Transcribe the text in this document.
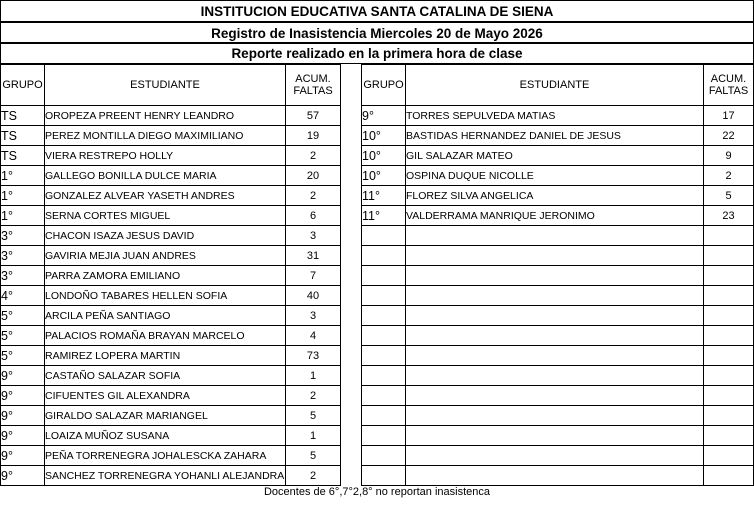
INSTITUCION EDUCATIVA SANTA CATALINA DE SIENA
Registro de Inasistencia Miercoles 20 de Mayo 2026
Reporte realizado en la primera hora de clase
GRUPO	ESTUDIANTE	ACUM.
FALTAS
TS	OROPEZA PREENT HENRY LEANDRO	57
TS	PEREZ MONTILLA DIEGO MAXIMILIANO	19
TS	VIERA RESTREPO HOLLY	2
1°	GALLEGO BONILLA DULCE MARIA	20
1°	GONZALEZ ALVEAR YASETH ANDRES	2
1°	SERNA CORTES MIGUEL	6
3°	CHACON ISAZA JESUS DAVID	3
3°	GAVIRIA MEJIA JUAN ANDRES	31
3°	PARRA ZAMORA EMILIANO	7
4°	LONDOÑO TABARES HELLEN SOFIA	40
5°	ARCILA PEÑA SANTIAGO	3
5°	PALACIOS ROMAÑA BRAYAN MARCELO	4
5°	RAMIREZ LOPERA MARTIN	73
9°	CASTAÑO SALAZAR SOFIA	1
9°	CIFUENTES GIL ALEXANDRA	2
9°	GIRALDO SALAZAR MARIANGEL	5
9°	LOAIZA MUÑOZ SUSANA	1
9°	PEÑA TORRENEGRA JOHALESCKA ZAHARA	5
9°	SANCHEZ TORRENEGRA YOHANLI ALEJANDRA	2
GRUPO	ESTUDIANTE	ACUM.
FALTAS
9°	TORRES SEPULVEDA MATIAS	17
10°	BASTIDAS HERNANDEZ DANIEL DE JESUS	22
10°	GIL SALAZAR MATEO	9
10°	OSPINA DUQUE NICOLLE	2
11°	FLOREZ SILVA ANGELICA	5
11°	VALDERRAMA MANRIQUE JERONIMO	23

Docentes de 6°,7°2,8° no reportan inasistenca
